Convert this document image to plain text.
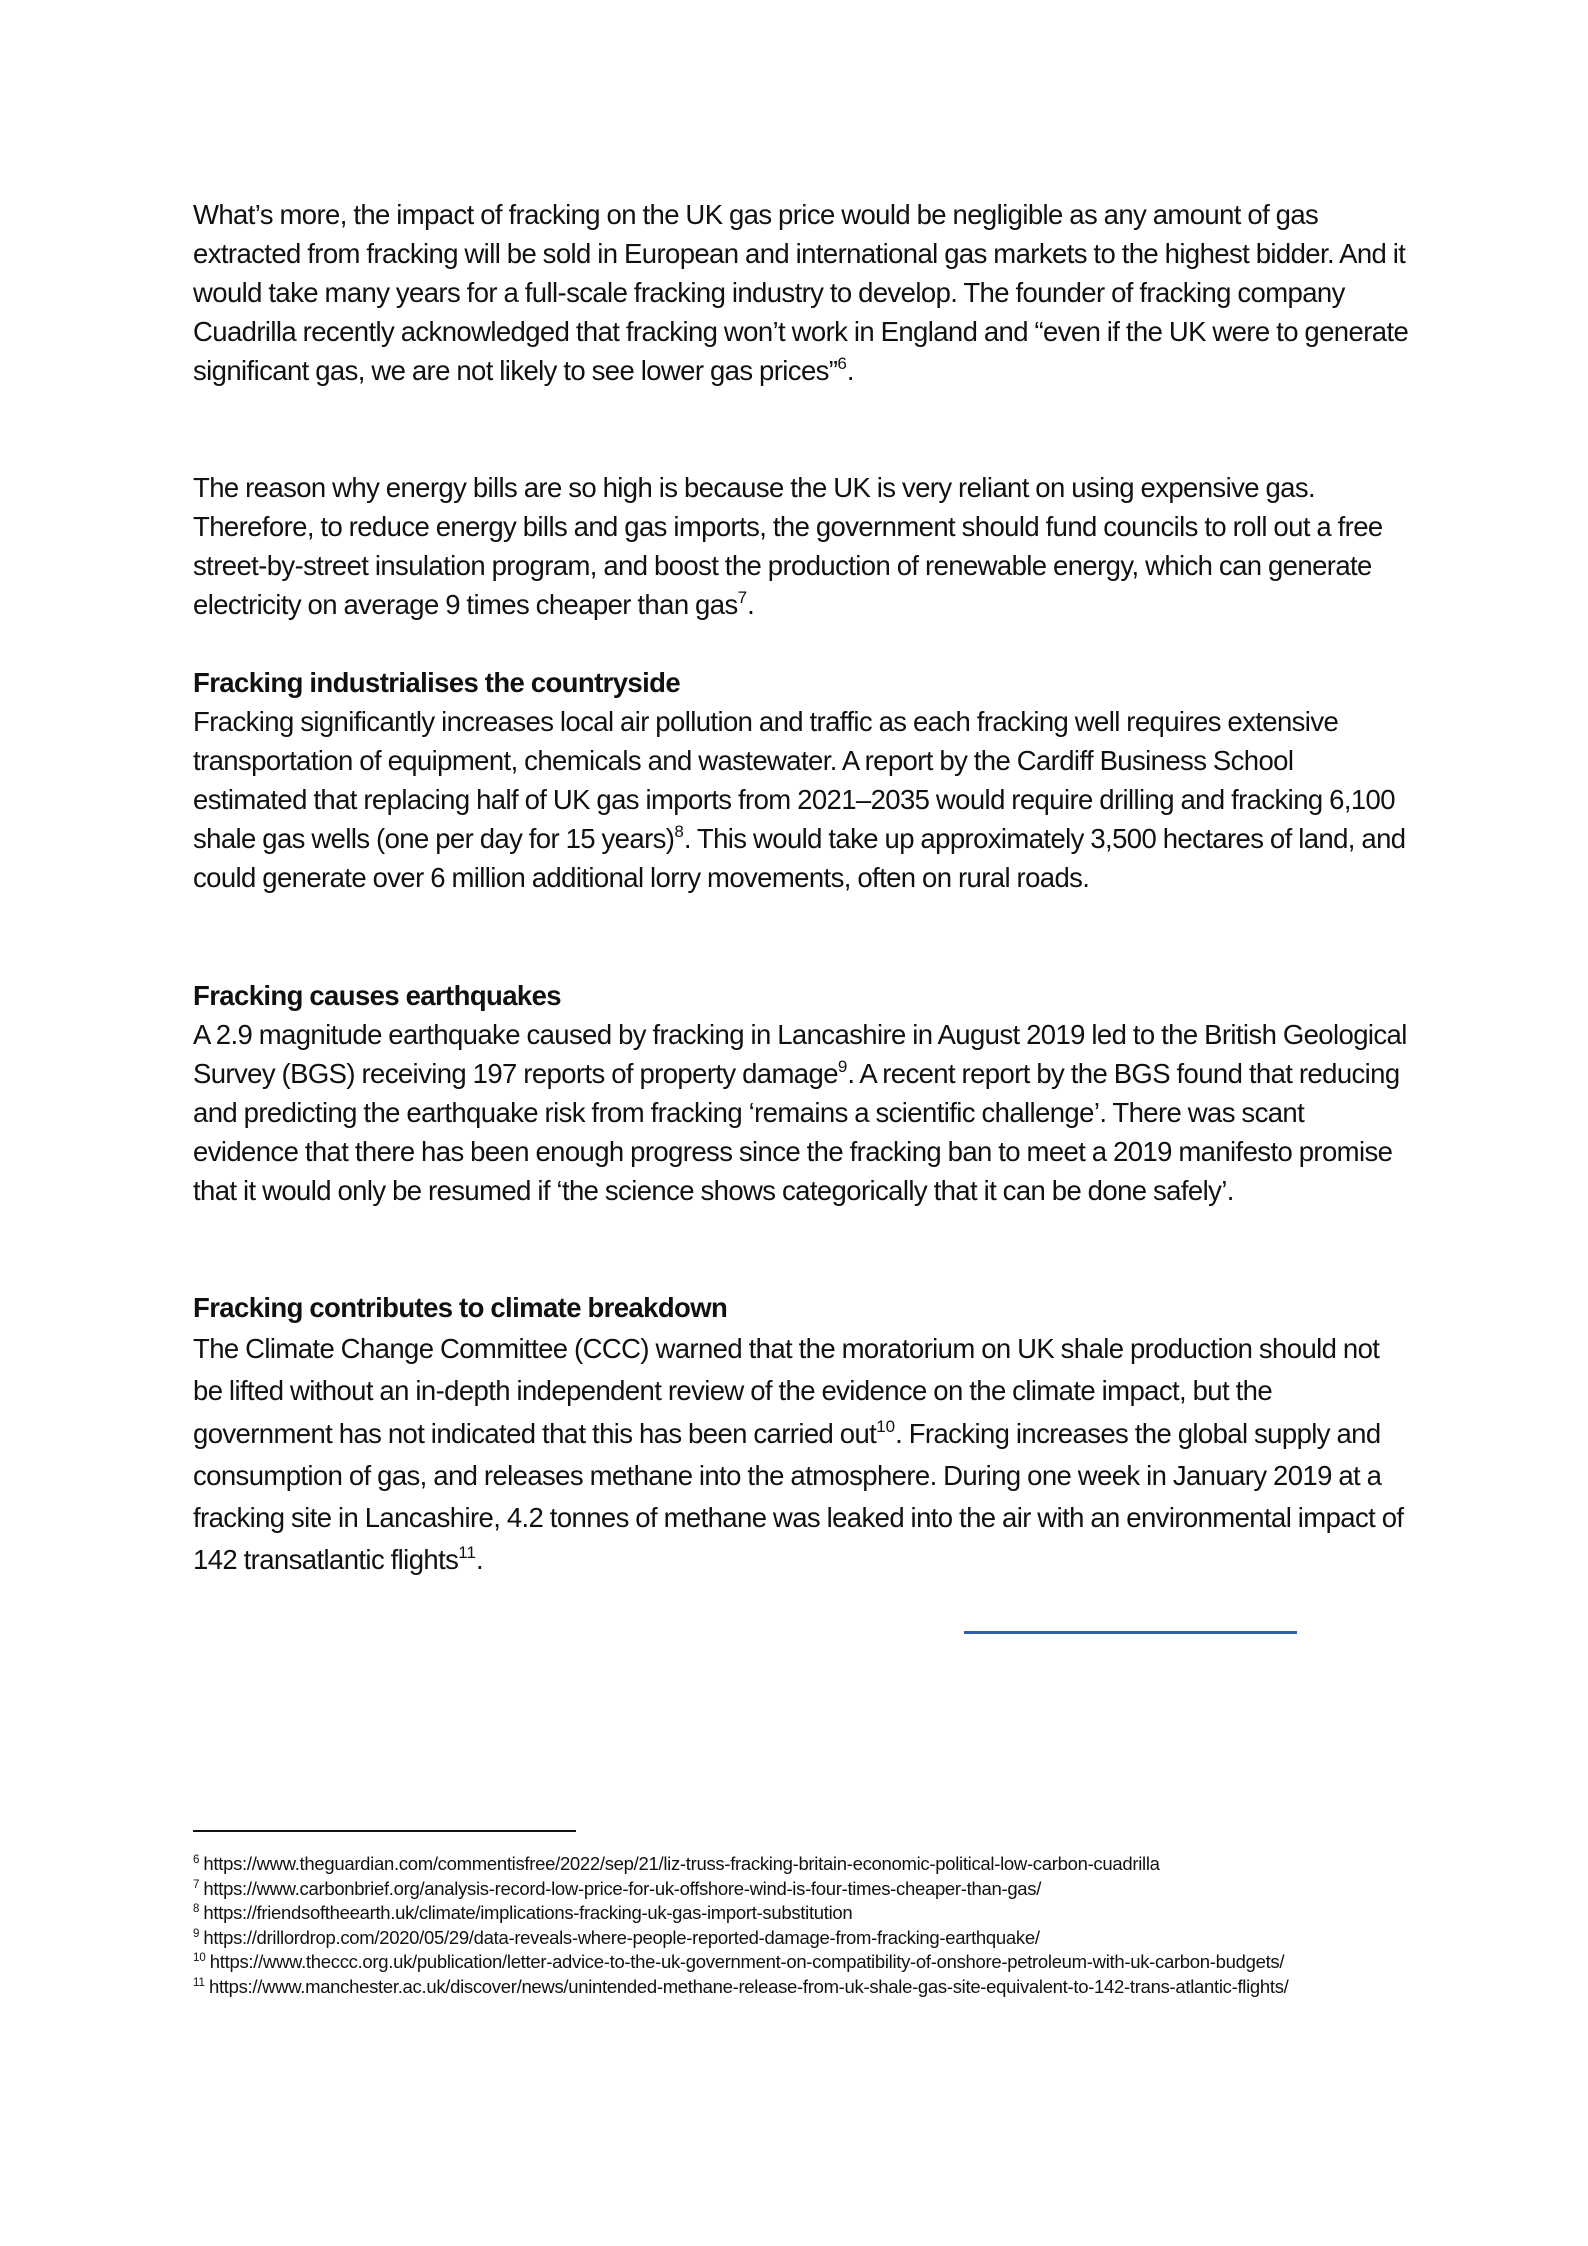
What’s more, the impact of fracking on the UK gas price would be negligible as any amount of gas extracted from fracking will be sold in European and international gas markets to the highest bidder. And it would take many years for a full-scale fracking industry to develop. The founder of fracking company Cuadrilla recently acknowledged that fracking won’t work in England and “even if the UK were to generate significant gas, we are not likely to see lower gas prices”$^6$.

The reason why energy bills are so high is because the UK is very reliant on using expensive gas. Therefore, to reduce energy bills and gas imports, the government should fund councils to roll out a free street-by-street insulation program, and boost the production of renewable energy, which can generate electricity on average 9 times cheaper than gas$^7$.

Fracking industrialises the countryside

Fracking significantly increases local air pollution and traffic as each fracking well requires extensive transportation of equipment, chemicals and wastewater. A report by the Cardiff Business School estimated that replacing half of UK gas imports from 2021–2035 would require drilling and fracking 6,100 shale gas wells (one per day for 15 years)$^8$. This would take up approximately 3,500 hectares of land, and could generate over 6 million additional lorry movements, often on rural roads.

Fracking causes earthquakes

A 2.9 magnitude earthquake caused by fracking in Lancashire in August 2019 led to the British Geological Survey (BGS) receiving 197 reports of property damage$^9$. A recent report by the BGS found that reducing and predicting the earthquake risk from fracking ‘remains a scientific challenge’. There was scant evidence that there has been enough progress since the fracking ban to meet a 2019 manifesto promise that it would only be resumed if ‘the science shows categorically that it can be done safely’.

Fracking contributes to climate breakdown

The Climate Change Committee (CCC) warned that the moratorium on UK shale production should not be lifted without an in-depth independent review of the evidence on the climate impact, but the government has not indicated that this has been carried out$^{10}$. Fracking increases the global supply and consumption of gas, and releases methane into the atmosphere. During one week in January 2019 at a fracking site in Lancashire, 4.2 tonnes of methane was leaked into the air with an environmental impact of 142 transatlantic flights$^{11}$.

$^6$ https://www.theguardian.com/commentisfree/2022/sep/21/liz-truss-fracking-britain-economic-political-low-carbon-cuadrilla

$^7$ https://www.carbonbrief.org/analysis-record-low-price-for-uk-offshore-wind-is-four-times-cheaper-than-gas/

$^8$ https://friendsoftheearth.uk/climate/implications-fracking-uk-gas-import-substitution

$^9$ https://drillordrop.com/2020/05/29/data-reveals-where-people-reported-damage-from-fracking-earthquake/

$^{10}$ https://www.theccc.org.uk/publication/letter-advice-to-the-uk-government-on-compatibility-of-onshore-petroleum-with-uk-carbon-budgets/

$^{11}$ https://www.manchester.ac.uk/discover/news/unintended-methane-release-from-uk-shale-gas-site-equivalent-to-142-trans-atlantic-flights/
